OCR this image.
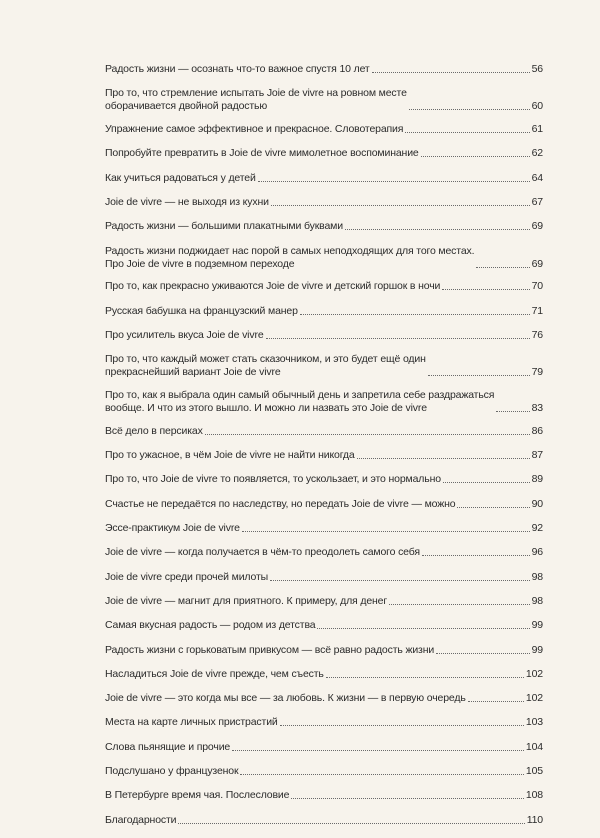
Радость жизни — осознать что-то важное спустя 10 лет	56
Про то, что стремление испытать Joie de vivre на ровном месте
оборачивается двойной радостью	60
Упражнение самое эффективное и прекрасное. Словотерапия	61
Попробуйте превратить в Joie de vivre мимолетное воспоминание	62
Как учиться радоваться у детей	64
Joie de vivre — не выходя из кухни	67
Радость жизни — большими плакатными буквами	69
Радость жизни поджидает нас порой в самых неподходящих для того местах.
Про Joie de vivre в подземном переходе	69
Про то, как прекрасно уживаются Joie de vivre и детский горшок в ночи	70
Русская бабушка на французский манер	71
Про усилитель вкуса Joie de vivre	76
Про то, что каждый может стать сказочником, и это будет ещё один
прекраснейший вариант Joie de vivre	79
Про то, как я выбрала один самый обычный день и запретила себе раздражаться
вообще. И что из этого вышло. И можно ли назвать это Joie de vivre	83
Всё дело в персиках	86
Про то ужасное, в чём Joie de vivre не найти никогда	87
Про то, что Joie de vivre то появляется, то ускользает, и это нормально	89
Счастье не передаётся по наследству, но передать Joie de vivre — можно	90
Эссе-практикум Joie de vivre	92
Joie de vivre — когда получается в чём-то преодолеть самого себя	96
Joie de vivre среди прочей милоты	98
Joie de vivre — магнит для приятного. К примеру, для денег	98
Самая вкусная радость — родом из детства	99
Радость жизни с горьковатым привкусом — всё равно радость жизни	99
Насладиться Joie de vivre прежде, чем съесть	102
Joie de vivre — это когда мы все — за любовь. К жизни — в первую очередь	102
Места на карте личных пристрастий	103
Слова пьянящие и прочие	104
Подслушано у французенок	105
В Петербурге время чая. Послесловие	108
Благодарности	110
